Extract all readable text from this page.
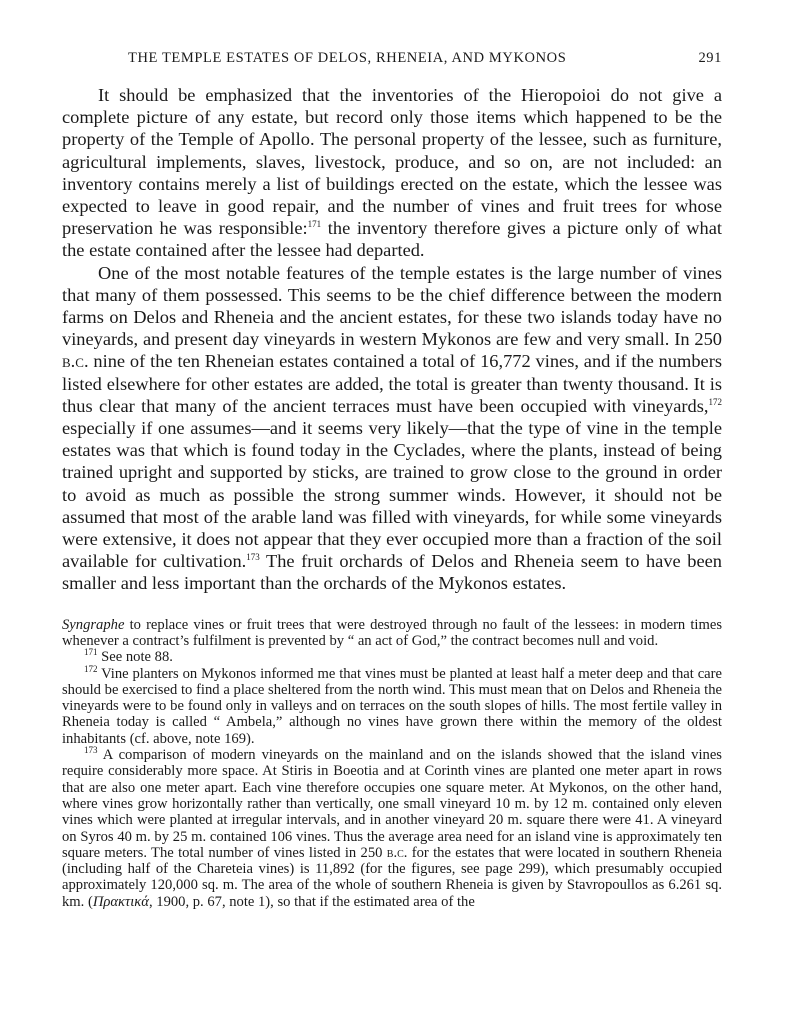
THE TEMPLE ESTATES OF DELOS, RHENEIA, AND MYKONOS	291

It should be emphasized that the inventories of the Hieropoioi do not give a complete picture of any estate, but record only those items which happened to be the property of the Temple of Apollo. The personal property of the lessee, such as furniture, agricultural implements, slaves, livestock, produce, and so on, are not included: an inventory contains merely a list of buildings erected on the estate, which the lessee was expected to leave in good repair, and the number of vines and fruit trees for whose preservation he was responsible:$^{171}$ the inventory therefore gives a picture only of what the estate contained after the lessee had departed.

One of the most notable features of the temple estates is the large number of vines that many of them possessed. This seems to be the chief difference between the modern farms on Delos and Rheneia and the ancient estates, for these two islands today have no vineyards, and present day vineyards in western Mykonos are few and very small. In 250 b.c. nine of the ten Rheneian estates contained a total of 16,772 vines, and if the numbers listed elsewhere for other estates are added, the total is greater than twenty thousand. It is thus clear that many of the ancient terraces must have been occupied with vineyards,$^{172}$ especially if one assumes—and it seems very likely—that the type of vine in the temple estates was that which is found today in the Cyclades, where the plants, instead of being trained upright and supported by sticks, are trained to grow close to the ground in order to avoid as much as possible the strong summer winds. However, it should not be assumed that most of the arable land was filled with vineyards, for while some vineyards were extensive, it does not appear that they ever occupied more than a fraction of the soil available for cultivation.$^{173}$ The fruit orchards of Delos and Rheneia seem to have been smaller and less important than the orchards of the Mykonos estates.

Syngraphe to replace vines or fruit trees that were destroyed through no fault of the lessees: in modern times whenever a contract’s fulfilment is prevented by “ an act of God,” the contract becomes null and void.

$^{171}$ See note 88.

$^{172}$ Vine planters on Mykonos informed me that vines must be planted at least half a meter deep and that care should be exercised to find a place sheltered from the north wind. This must mean that on Delos and Rheneia the vineyards were to be found only in valleys and on terraces on the south slopes of hills. The most fertile valley in Rheneia today is called “ Ambela,” although no vines have grown there within the memory of the oldest inhabitants (cf. above, note 169).

$^{173}$ A comparison of modern vineyards on the mainland and on the islands showed that the island vines require considerably more space. At Stiris in Boeotia and at Corinth vines are planted one meter apart in rows that are also one meter apart. Each vine therefore occupies one square meter. At Mykonos, on the other hand, where vines grow horizontally rather than vertically, one small vineyard 10 m. by 12 m. contained only eleven vines which were planted at irregular intervals, and in another vineyard 20 m. square there were 41. A vineyard on Syros 40 m. by 25 m. contained 106 vines. Thus the average area need for an island vine is approximately ten square meters. The total number of vines listed in 250 b.c. for the estates that were located in southern Rheneia (including half of the Chareteia vines) is 11,892 (for the figures, see page 299), which presumably occupied approximately 120,000 sq. m. The area of the whole of southern Rheneia is given by Stavropoullos as 6.261 sq. km. (Πρακτικά, 1900, p. 67, note 1), so that if the estimated area of the
